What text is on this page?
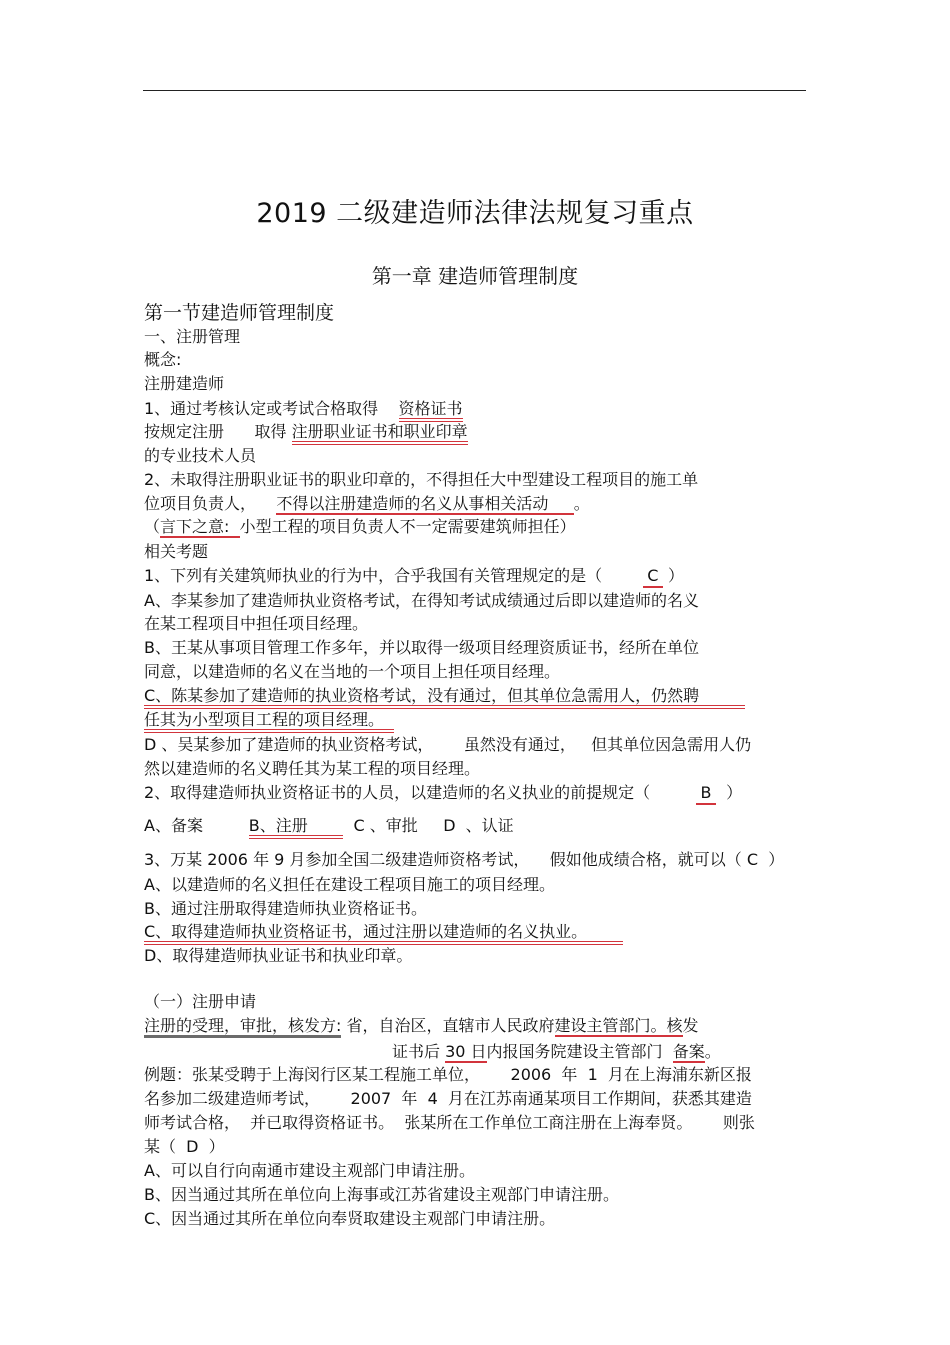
2019 二级建造师法律法规复习重点
第一章 建造师管理制度
第一节建造师管理制度
一、注册管理
概念:
注册建造师
1、通过考核认定或考试合格取得    资格证书
按规定注册      取得 注册职业证书和职业印章
的专业技术人员
2、未取得注册职业证书的职业印章的，不得担任大中型建设工程项目的施工单
位项目负责人，    不得以注册建造师的名义从事相关活动     。
（言下之意:  小型工程的项目负责人不一定需要建筑师担任）
相关考题
1、下列有关建筑师执业的行为中，合乎我国有关管理规定的是（        C ）
A、李某参加了建造师执业资格考试，在得知考试成绩通过后即以建造师的名义
在某工程项目中担任项目经理。
B、王某从事项目管理工作多年，并以取得一级项目经理资质证书，经所在单位
同意，以建造师的名义在当地的一个项目上担任项目经理。
C、陈某参加了建造师的执业资格考试，没有通过，但其单位急需用人，仍然聘
任其为小型项目工程的项目经理。
D 、吴某参加了建造师的执业资格考试，      虽然没有通过，   但其单位因急需用人仍
然以建造师的名义聘任其为某工程的项目经理。
2、取得建造师执业资格证书的人员，以建造师的名义执业的前提规定（         B  ）
A、备案         B、注册         C 、审批     D  、认证
3、万某 2006 年 9 月参加全国二级建造师资格考试，    假如他成绩合格，就可以（ C  ）
A、以建造师的名义担任在建设工程项目施工的项目经理。
B、通过注册取得建造师执业资格证书。
C、取得建造师执业资格证书，通过注册以建造师的名义执业。
D、取得建造师执业证书和执业印章。
（一）注册申请
注册的受理，审批，核发方: 省，自治区，直辖市人民政府建设主管部门。核发
证书后 30 日内报国务院建设主管部门  备案。
例题：张某受聘于上海闵行区某工程施工单位，      2006  年  1  月在上海浦东新区报
名参加二级建造师考试，      2007  年  4  月在江苏南通某项目工作期间，获悉其建造
师考试合格，  并已取得资格证书。  张某所在工作单位工商注册在上海奉贤。      则张
某（  D  ）
A、可以自行向南通市建设主观部门申请注册。
B、因当通过其所在单位向上海事或江苏省建设主观部门申请注册。
C、因当通过其所在单位向奉贤取建设主观部门申请注册。
